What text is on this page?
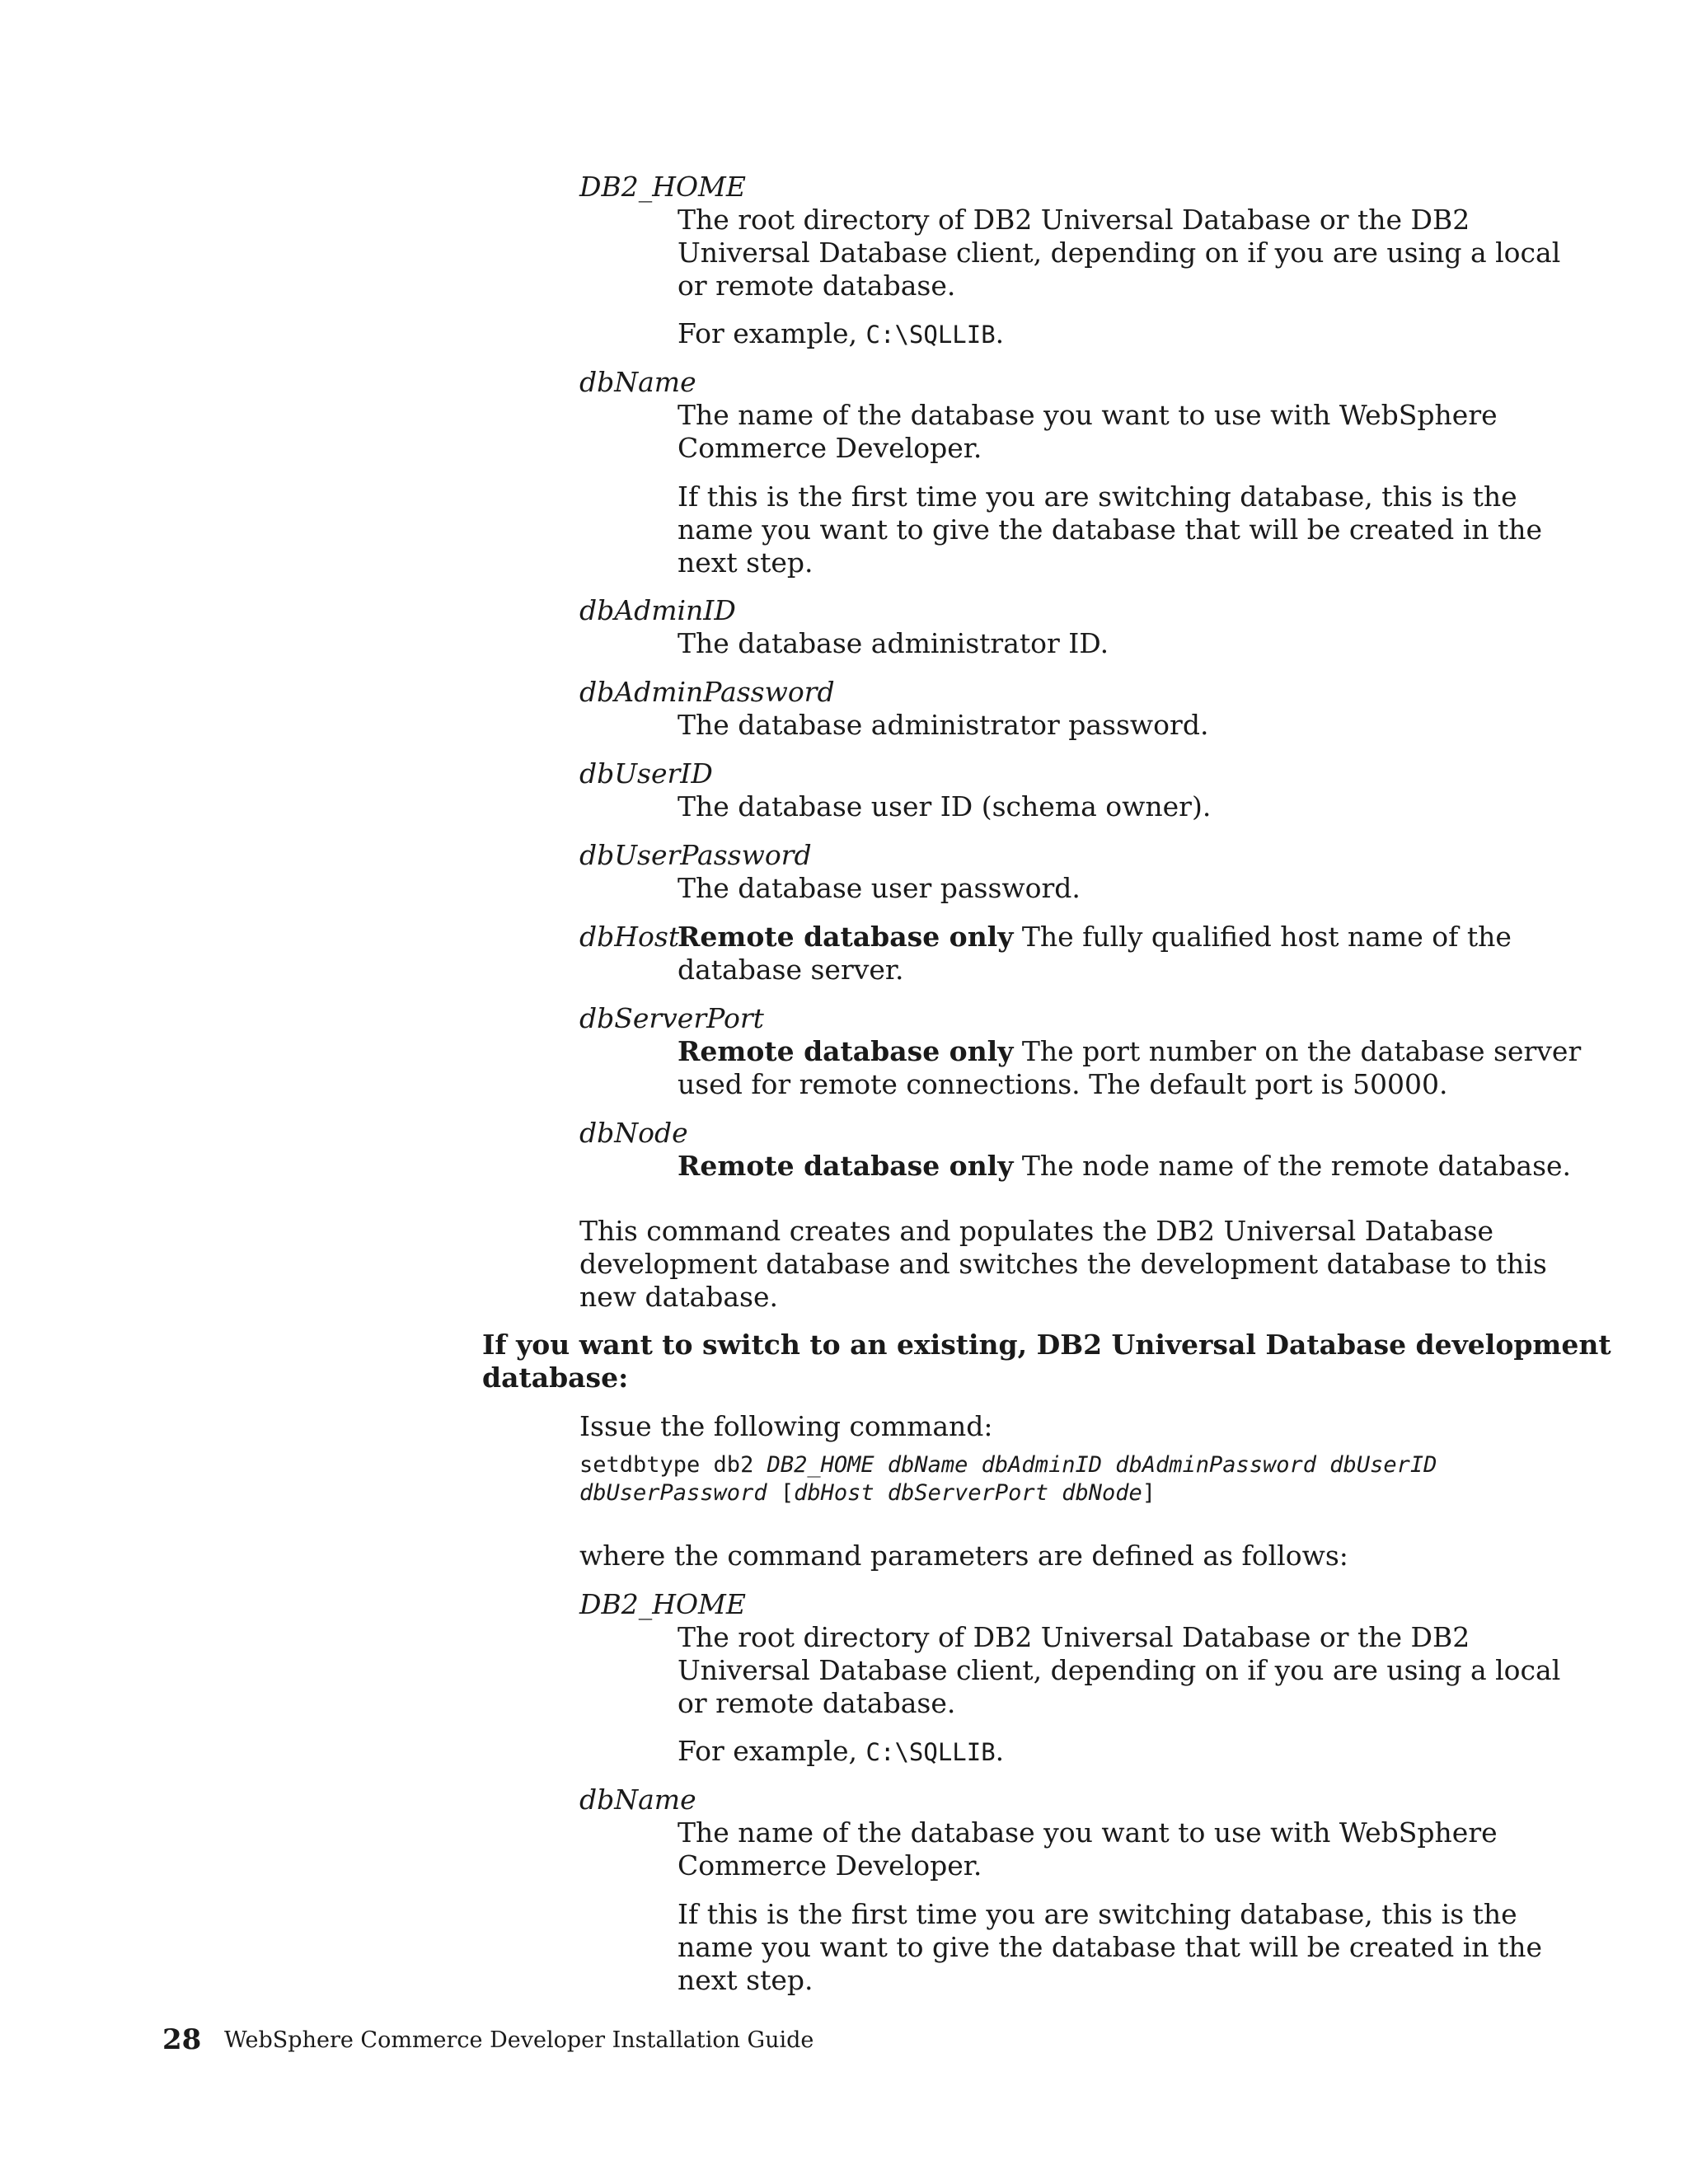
DB2_HOME
The root directory of DB2 Universal Database or the DB2
Universal Database client, depending on if you are using a local
or remote database.
For example, C:\SQLLIB.
dbName
The name of the database you want to use with WebSphere
Commerce Developer.
If this is the first time you are switching database, this is the
name you want to give the database that will be created in the
next step.
dbAdminID
The database administrator ID.
dbAdminPassword
The database administrator password.
dbUserID
The database user ID (schema owner).
dbUserPassword
The database user password.
dbHost
Remote database only The fully qualified host name of the
database server.
dbServerPort
Remote database only The port number on the database server
used for remote connections. The default port is 50000.
dbNode
Remote database only The node name of the remote database.
This command creates and populates the DB2 Universal Database
development database and switches the development database to this
new database.
If you want to switch to an existing, DB2 Universal Database development
database:
Issue the following command:
setdbtype db2 DB2_HOME dbName dbAdminID dbAdminPassword dbUserID
dbUserPassword [dbHost dbServerPort dbNode]
where the command parameters are defined as follows:
DB2_HOME
The root directory of DB2 Universal Database or the DB2
Universal Database client, depending on if you are using a local
or remote database.
For example, C:\SQLLIB.
dbName
The name of the database you want to use with WebSphere
Commerce Developer.
If this is the first time you are switching database, this is the
name you want to give the database that will be created in the
next step.
28 WebSphere Commerce Developer Installation Guide
